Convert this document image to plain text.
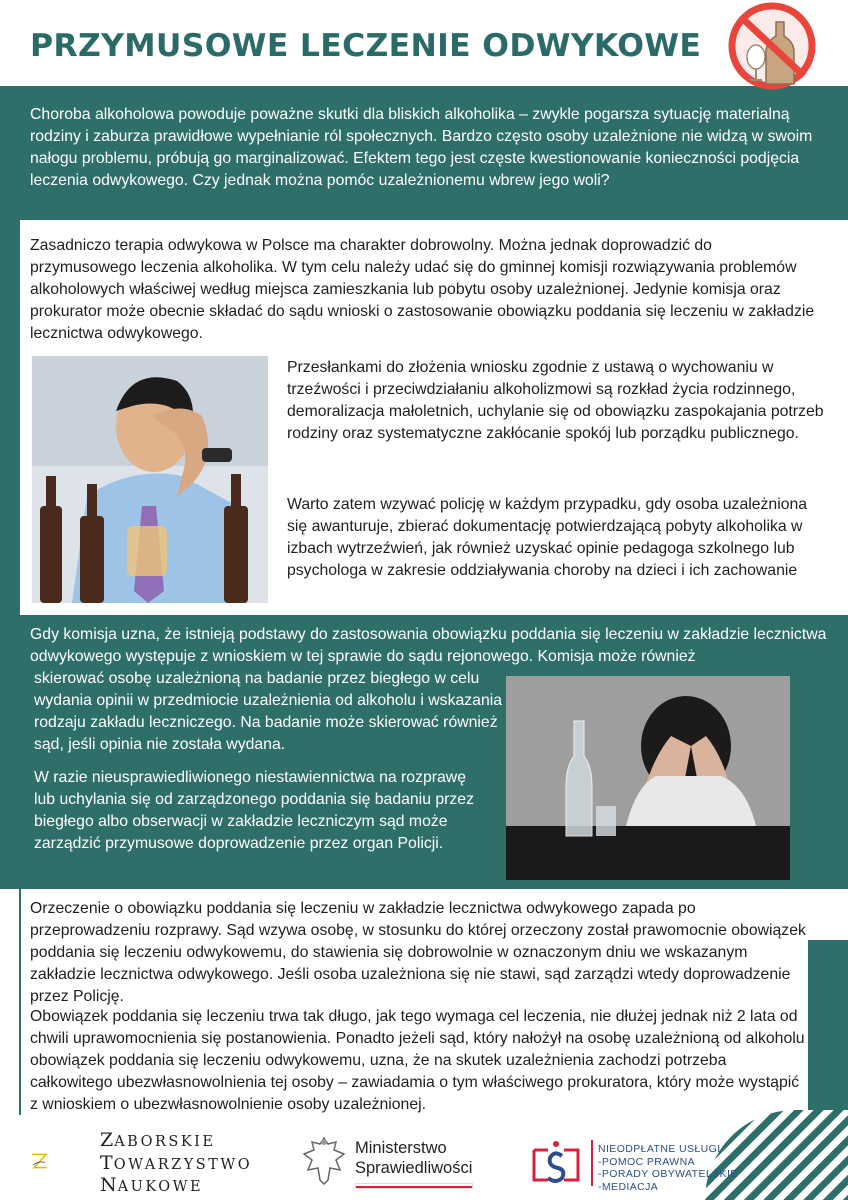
PRZYMUSOWE LECZENIE ODWYKOWE
Choroba alkoholowa powoduje poważne skutki dla bliskich alkoholika – zwykle pogarsza sytuację materialną rodziny i zaburza prawidłowe wypełnianie ról społecznych. Bardzo często osoby uzależnione nie widzą w swoim nałogu problemu, próbują go marginalizować. Efektem tego jest częste kwestionowanie konieczności podjęcia leczenia odwykowego. Czy jednak można pomóc uzależnionemu wbrew jego woli?
Zasadniczo terapia odwykowa w Polsce ma charakter dobrowolny. Można jednak doprowadzić do przymusowego leczenia alkoholika. W tym celu należy udać się do gminnej komisji rozwiązywania problemów alkoholowych właściwej według miejsca zamieszkania lub pobytu osoby uzależnionej. Jedynie komisja oraz prokurator może obecnie składać do sądu wnioski o zastosowanie obowiązku poddania się leczeniu w zakładzie lecznictwa odwykowego.
Przesłankami do złożenia wniosku zgodnie z ustawą o wychowaniu w trzeźwości i przeciwdziałaniu alkoholizmowi są rozkład życia rodzinnego, demoralizacja małoletnich, uchylanie się od obowiązku zaspokajania potrzeb rodziny oraz systematyczne zakłócanie spokój lub porządku publicznego.
Warto zatem wzywać policję w każdym przypadku, gdy osoba uzależniona się awanturuje, zbierać dokumentację potwierdzającą pobyty alkoholika w izbach wytrzeźwień, jak również uzyskać opinie pedagoga szkolnego lub psychologa w zakresie oddziaływania choroby na dzieci i ich zachowanie
Gdy komisja uzna, że istnieją podstawy do zastosowania obowiązku poddania się leczeniu w zakładzie lecznictwa odwykowego występuje z wnioskiem w tej sprawie do sądu rejonowego. Komisja może również
skierować osobę uzależnioną na badanie przez biegłego w celu wydania opinii w przedmiocie uzależnienia od alkoholu i wskazania rodzaju zakładu leczniczego. Na badanie może skierować również sąd, jeśli opinia nie została wydana.
W razie nieusprawiedliwionego niestawiennictwa na rozprawę lub uchylania się od zarządzonego poddania się badaniu przez biegłego albo obserwacji w zakładzie leczniczym sąd może zarządzić przymusowe doprowadzenie przez organ Policji.
Orzeczenie o obowiązku poddania się leczeniu w zakładzie lecznictwa odwykowego zapada po przeprowadzeniu rozprawy. Sąd wzywa osobę, w stosunku do której orzeczony został prawomocnie obowiązek poddania się leczeniu odwykowemu, do stawienia się dobrowolnie w oznaczonym dniu we wskazanym zakładzie lecznictwa odwykowego. Jeśli osoba uzależniona się nie stawi, sąd zarządzi wtedy doprowadzenie przez Policję.
Obowiązek poddania się leczeniu trwa tak długo, jak tego wymaga cel leczenia, nie dłużej jednak niż 2 lata od chwili uprawomocnienia się postanowienia. Ponadto jeżeli sąd, który nałożył na osobę uzależnioną od alkoholu obowiązek poddania się leczeniu odwykowemu, uzna, że na skutek uzależnienia zachodzi potrzeba całkowitego ubezwłasnowolnienia tej osoby – zawiadamia o tym właściwego prokuratora, który może wystąpić z wnioskiem o ubezwłasnowolnienie osoby uzależnionej.
ZABORSKIE
TOWARZYSTWO
NAUKOWE
Ministerstwo
Sprawiedliwości
NIEODPŁATNE USŁUGI
-POMOC PRAWNA
-PORADY OBYWATELSKIE
-MEDIACJA
